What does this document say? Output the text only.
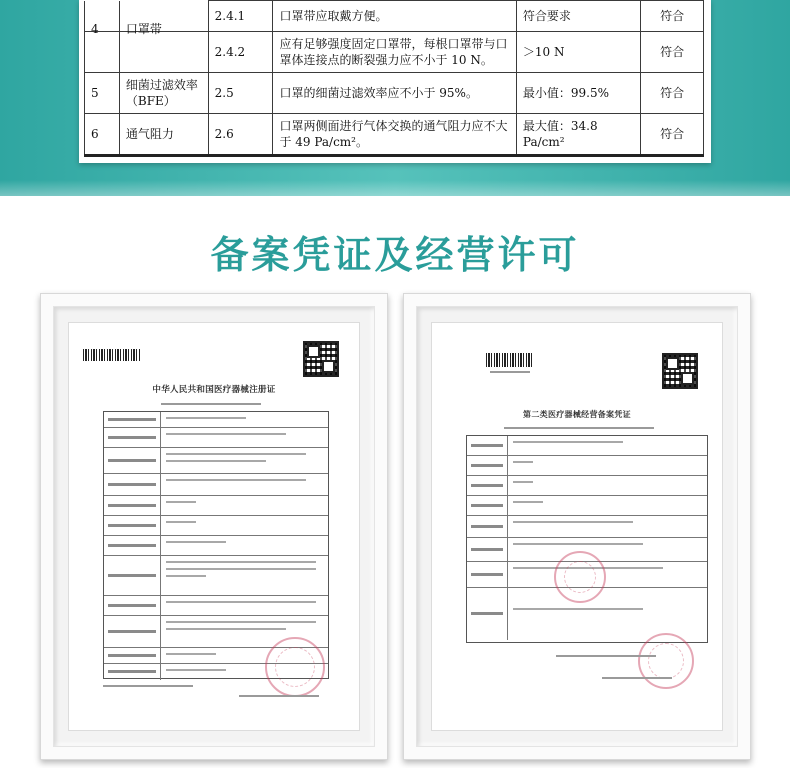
		2.4.1	口罩带应取戴方便。	符合要求	符合
4	口罩带	2.4.2	应有足够强度固定口罩带，每根口罩带与口罩体连接点的断裂强力应不小于 10 N。	＞10 N	符合
5	细菌过滤效率（BFE）	2.5	口罩的细菌过滤效率应不小于 95%。	最小值：99.5%	符合
6	通气阻力	2.6	口罩两侧面进行气体交换的通气阻力应不大于 49 Pa/cm²。	最大值：34.8 Pa/cm²	符合
备案凭证及经营许可
中华人民共和国医疗器械注册证
第二类医疗器械经营备案凭证
